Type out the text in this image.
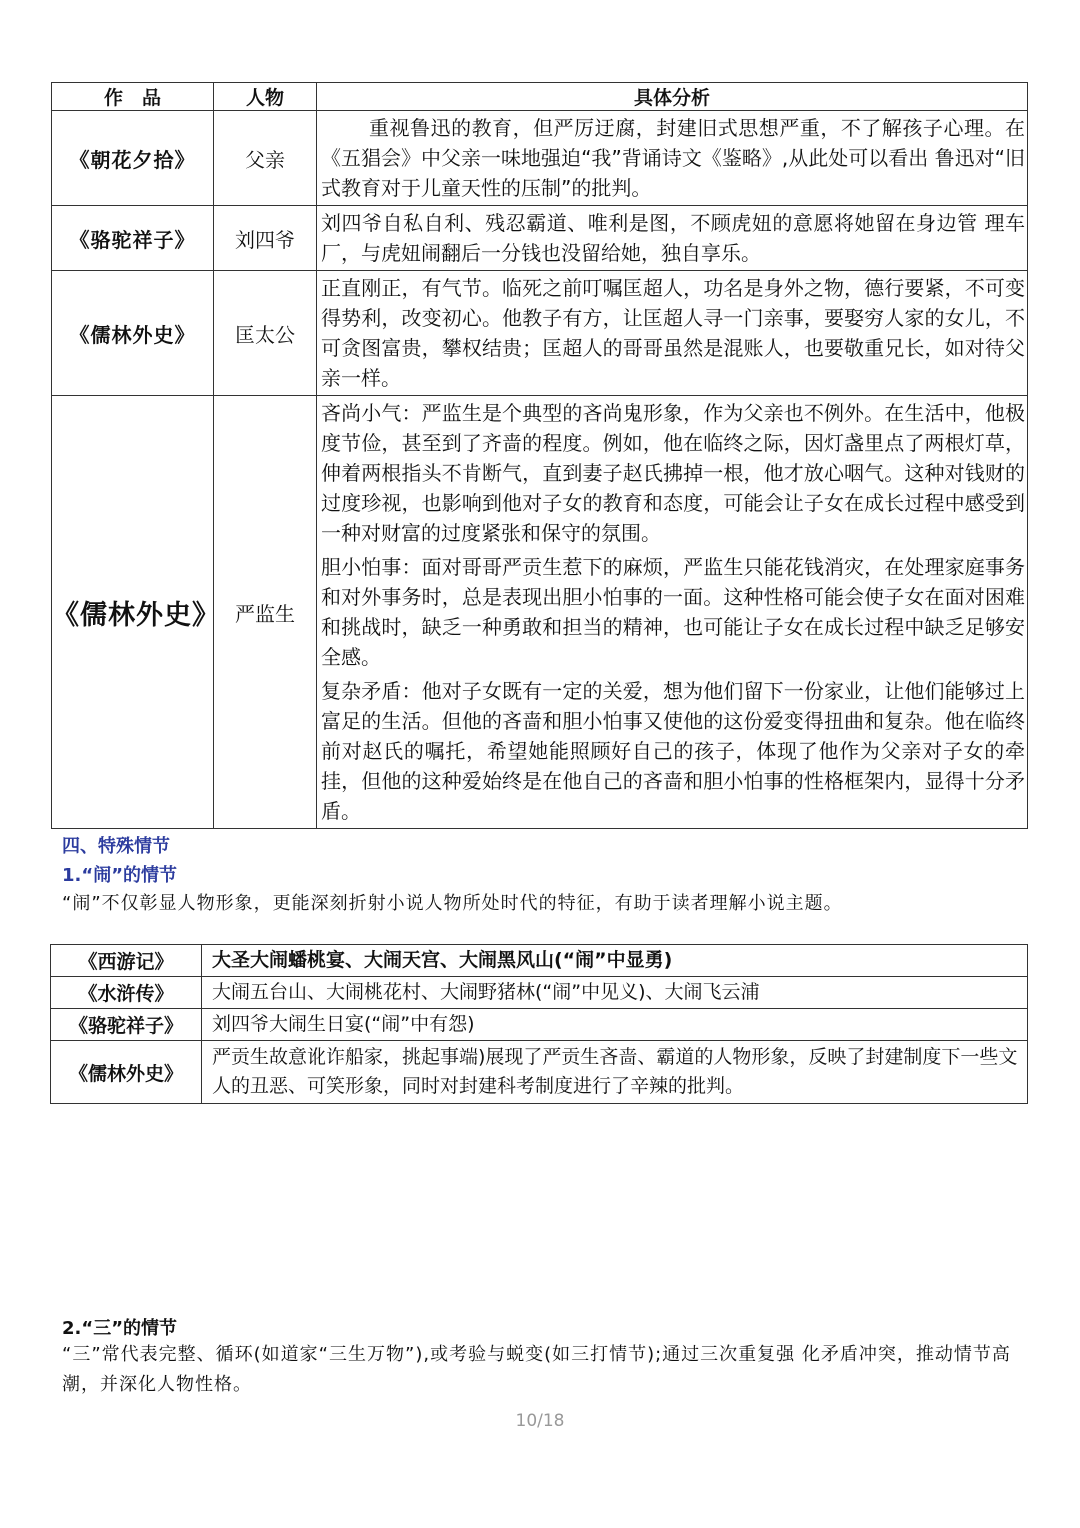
作　品	人物	具体分析
《朝花夕拾》	父亲	重视鲁迅的教育，但严厉迂腐，封建旧式思想严重，不了解孩子心理。在《五猖会》中父亲一味地强迫“我”背诵诗文《鉴略》,从此处可以看出 鲁迅对“旧式教育对于儿童天性的压制”的批判。

《骆驼祥子》	刘四爷	刘四爷自私自利、残忍霸道、唯利是图，不顾虎妞的意愿将她留在身边管 理车厂，与虎妞闹翻后一分钱也没留给她，独自享乐。

《儒林外史》	匡太公	正直刚正，有气节。临死之前叮嘱匡超人，功名是身外之物，德行要紧，不可变得势利，改变初心。他教子有方，让匡超人寻一门亲事，要娶穷人家的女儿，不可贪图富贵，攀权结贵；匡超人的哥哥虽然是混账人，也要敬重兄长，如对待父亲一样。

《儒林外史》	严监生	吝尚小气：严监生是个典型的吝尚鬼形象，作为父亲也不例外。在生活中，他极度节俭，甚至到了齐啬的程度。例如，他在临终之际，因灯盏里点了两根灯草，伸着两根指头不肯断气，直到妻子赵氏拂掉一根，他才放心咽气。这种对钱财的过度珍视，也影响到他对子女的教育和态度，可能会让子女在成长过程中感受到一种对财富的过度紧张和保守的氛围。

胆小怕事：面对哥哥严贡生惹下的麻烦，严监生只能花钱消灾，在处理家庭事务和对外事务时，总是表现出胆小怕事的一面。这种性格可能会使子女在面对困难和挑战时，缺乏一种勇敢和担当的精神，也可能让子女在成长过程中缺乏足够安全感。

复杂矛盾：他对子女既有一定的关爱，想为他们留下一份家业，让他们能够过上富足的生活。但他的吝啬和胆小怕事又使他的这份爱变得扭曲和复杂。他在临终前对赵氏的嘱托，希望她能照顾好自己的孩子，体现了他作为父亲对子女的牵挂，但他的这种爱始终是在他自己的吝啬和胆小怕事的性格框架内，显得十分矛盾。

四、特殊情节
1.“闹”的情节

“闹”不仅彰显人物形象，更能深刻折射小说人物所处时代的特征，有助于读者理解小说主题。

《西游记》	大圣大闹蟠桃宴、大闹天宫、大闹黑风山(“闹”中显勇)
《水浒传》	大闹五台山、大闹桃花村、大闹野猪林(“闹”中见义)、大闹飞云浦
《骆驼祥子》	刘四爷大闹生日宴(“闹”中有怨)
《儒林外史》	严贡生故意讹诈船家，挑起事端)展现了严贡生吝啬、霸道的人物形象，反映了封建制度下一些文人的丑恶、可笑形象，同时对封建科考制度进行了辛辣的批判。
2.“三”的情节

“三”常代表完整、循环(如道家“三生万物”),或考验与蜕变(如三打情节);通过三次重复强 化矛盾冲突，推动情节高潮，并深化人物性格。

10/18
